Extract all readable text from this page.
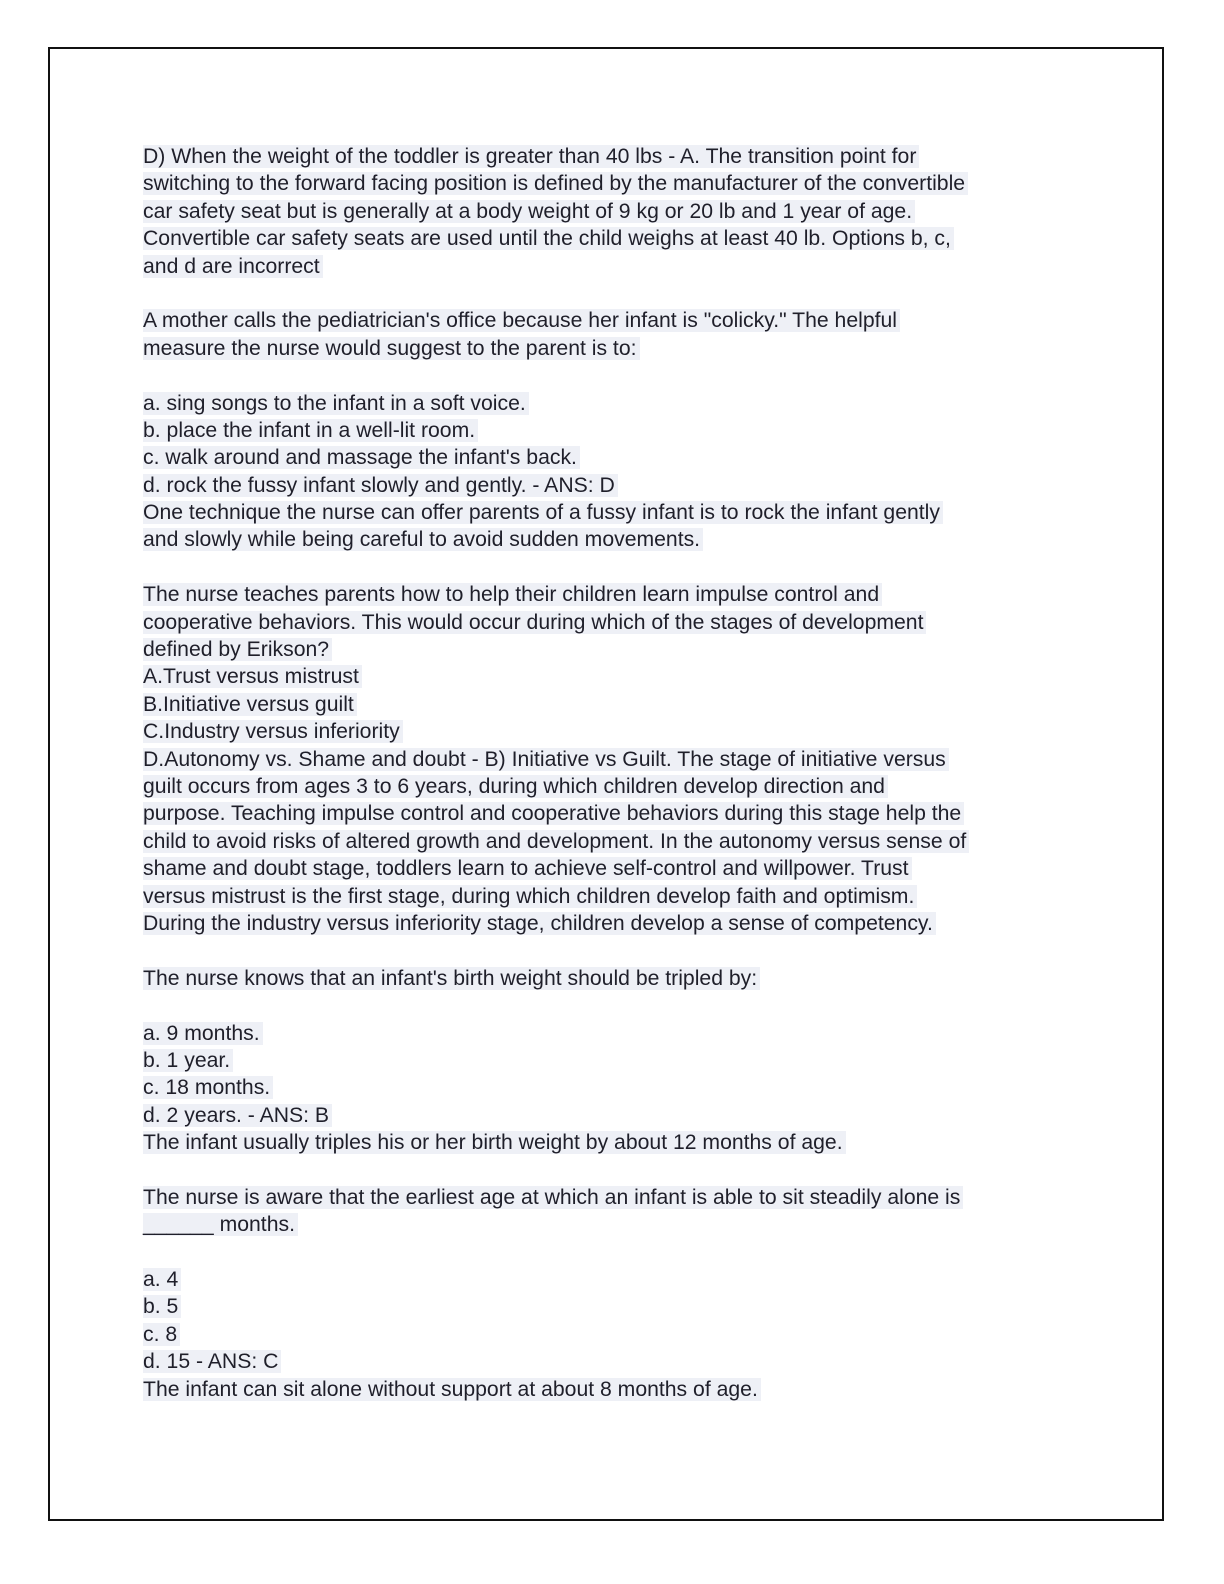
D) When the weight of the toddler is greater than 40 lbs - A. The transition point for
switching to the forward facing position is defined by the manufacturer of the convertible
car safety seat but is generally at a body weight of 9 kg or 20 lb and 1 year of age.
Convertible car safety seats are used until the child weighs at least 40 lb. Options b, c,
and d are incorrect
A mother calls the pediatrician's office because her infant is "colicky." The helpful
measure the nurse would suggest to the parent is to:
a. sing songs to the infant in a soft voice.
b. place the infant in a well-lit room.
c. walk around and massage the infant's back.
d. rock the fussy infant slowly and gently. - ANS: D
One technique the nurse can offer parents of a fussy infant is to rock the infant gently
and slowly while being careful to avoid sudden movements.
The nurse teaches parents how to help their children learn impulse control and
cooperative behaviors. This would occur during which of the stages of development
defined by Erikson?
A.Trust versus mistrust
B.Initiative versus guilt
C.Industry versus inferiority
D.Autonomy vs. Shame and doubt - B) Initiative vs Guilt. The stage of initiative versus
guilt occurs from ages 3 to 6 years, during which children develop direction and
purpose. Teaching impulse control and cooperative behaviors during this stage help the
child to avoid risks of altered growth and development. In the autonomy versus sense of
shame and doubt stage, toddlers learn to achieve self-control and willpower. Trust
versus mistrust is the first stage, during which children develop faith and optimism.
During the industry versus inferiority stage, children develop a sense of competency.
The nurse knows that an infant's birth weight should be tripled by:
a. 9 months.
b. 1 year.
c. 18 months.
d. 2 years. - ANS: B
The infant usually triples his or her birth weight by about 12 months of age.
The nurse is aware that the earliest age at which an infant is able to sit steadily alone is
______ months.
a. 4
b. 5
c. 8
d. 15 - ANS: C
The infant can sit alone without support at about 8 months of age.
